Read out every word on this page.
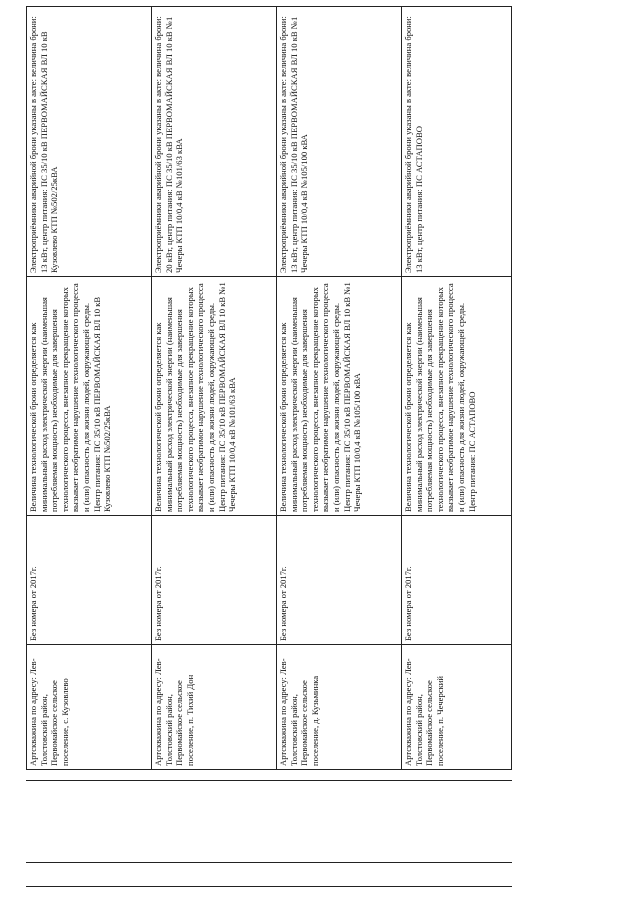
Артскважина по адресу: Лев-Толстовский район, Первомайское сельское поселение, с. Кузовлево	Без номера от 2017г.	Величина технологической брони определяется как минимальный расход электрической энергии (наименьшая потребляемая мощность) необходимые для завершения технологического процесса, внезапное прекращение которых вызывает необратимое нарушение технологического процесса и (или) опасность для жизни людей, окружающей среды. Центр питания: ПС 35/10 кВ ПЕРВОМАЙСКАЯ ВЛ 10 кВ Кузовлево КТП №502/25кВА	Электроприёмники аварийной брони указаны в акте: величина брони: 13 кВт, центр питания: ПС 35/10 кВ ПЕРВОМАЙСКАЯ ВЛ 10 кВ Кузовлево КТП №502/25кВА
Артскважина по адресу: Лев-Толстовский район, Первомайское сельское поселение, п. Тихий Дон	Без номера от 2017г.	Величина технологической брони определяется как минимальный расход электрической энергии (наименьшая потребляемая мощность) необходимые для завершения технологического процесса, внезапное прекращение которых вызывает необратимое нарушение технологического процесса и (или) опасность для жизни людей, окружающей среды. Центр питания: ПС 35/10 кВ ПЕРВОМАЙСКАЯ ВЛ 10 кВ №1 Чечеры КТП 10/0,4 кВ №101/63 кВА	Электроприёмники аварийной брони указаны в акте: величина брони: 20 кВт, центр питания: ПС 35/10 кВ ПЕРВОМАЙСКАЯ ВЛ 10 кВ №1 Чечеры КТП 10/0,4 кВ №101/63 кВА
Артскважина по адресу: Лев-Толстовский район, Первомайское сельское поселение, д. Кузьминка	Без номера от 2017г.	Величина технологической брони определяется как минимальный расход электрической энергии (наименьшая потребляемая мощность) необходимые для завершения технологического процесса, внезапное прекращение которых вызывает необратимое нарушение технологического процесса и (или) опасность для жизни людей, окружающей среды. Центр питания: ПС 35/10 кВ ПЕРВОМАЙСКАЯ ВЛ 10 кВ №1 Чечеры КТП 10/0,4 кВ №105/100 кВА	Электроприёмники аварийной брони указаны в акте: величина брони: 13 кВт, центр питания: ПС 35/10 кВ ПЕРВОМАЙСКАЯ ВЛ 10 кВ №1 Чечеры КТП 10/0,4 кВ №105/100 кВА
Артскважина по адресу: Лев-Толстовский район, Первомайское сельское поселение, п. Чечерский	Без номера от 2017г.	Величина технологической брони определяется как минимальный расход электрической энергии (наименьшая потребляемая мощность) необходимые для завершения технологического процесса, внезапное прекращение которых вызывает необратимое нарушение технологического процесса и (или) опасность для жизни людей, окружающей среды. Центр питания: ПС АСТАПОВО	Электроприёмники аварийной брони указаны в акте: величина брони: 13 кВт, центр питания: ПС АСТАПОВО
